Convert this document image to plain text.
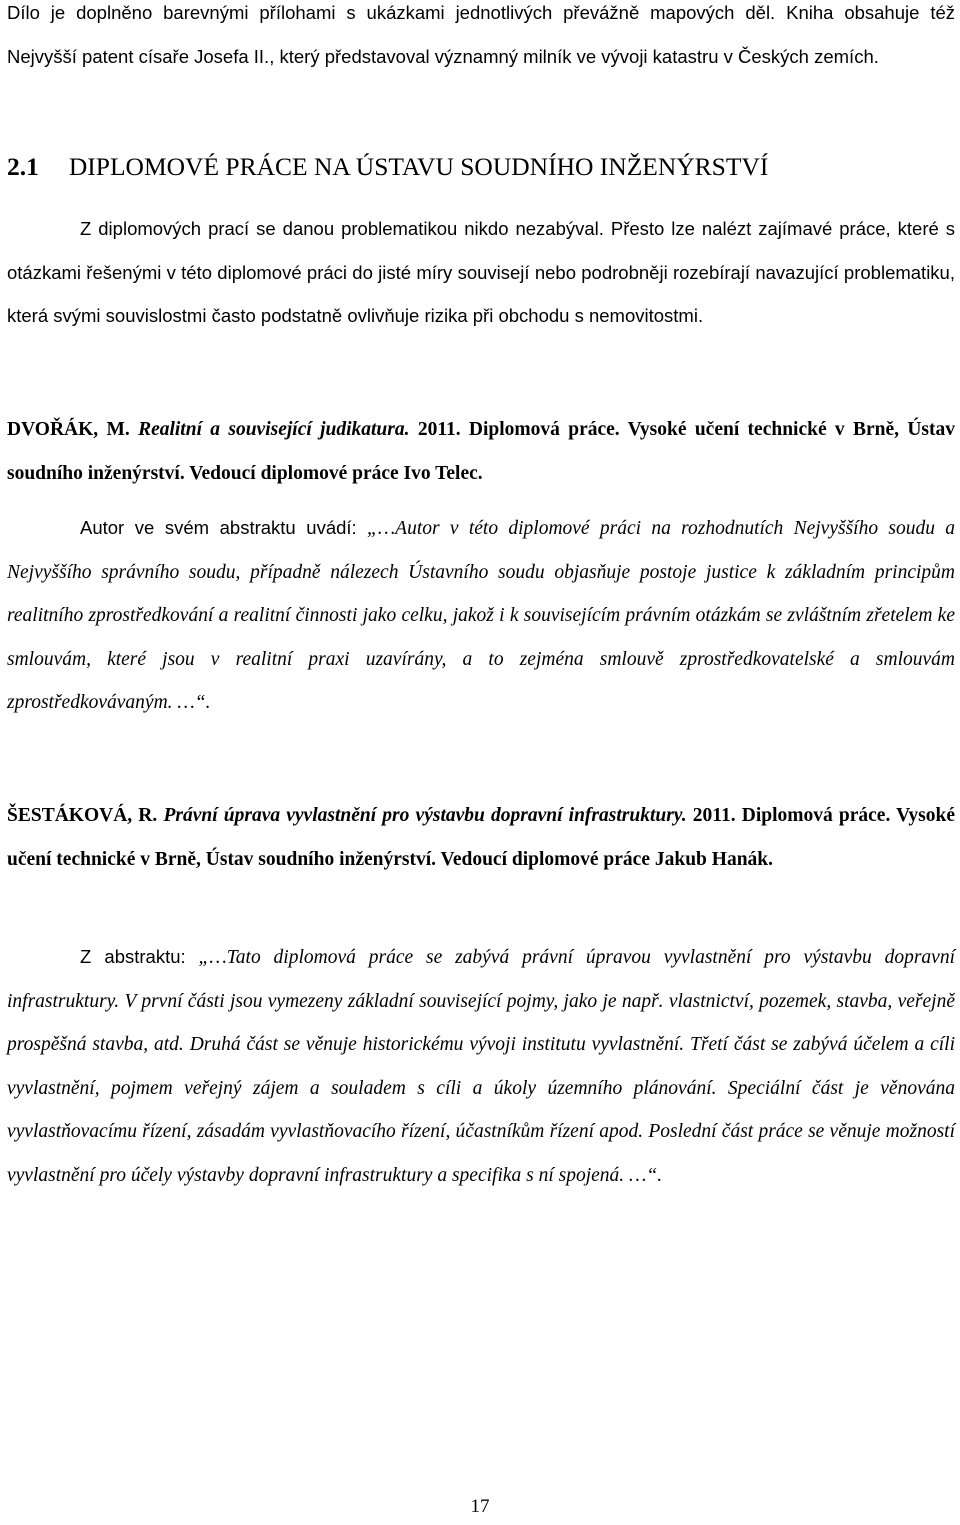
Dílo je doplněno barevnými přílohami s ukázkami jednotlivých převážně mapových děl. Kniha obsahuje též Nejvyšší patent císaře Josefa II., který představoval významný milník ve vývoji katastru v Českých zemích.
2.1 DIPLOMOVÉ PRÁCE NA ÚSTAVU SOUDNÍHO INŽENÝRSTVÍ
Z diplomových prací se danou problematikou nikdo nezabýval. Přesto lze nalézt zajímavé práce, které s otázkami řešenými v této diplomové práci do jisté míry souvisejí nebo podrobněji rozebírají navazující problematiku, která svými souvislostmi často podstatně ovlivňuje rizika při obchodu s nemovitostmi.
DVOŘÁK, M. Realitní a související judikatura. 2011. Diplomová práce. Vysoké učení technické v Brně, Ústav soudního inženýrství. Vedoucí diplomové práce Ivo Telec.
Autor ve svém abstraktu uvádí: „…Autor v této diplomové práci na rozhodnutích Nejvyššího soudu a Nejvyššího správního soudu, případně nálezech Ústavního soudu objasňuje postoje justice k základním principům realitního zprostředkování a realitní činnosti jako celku, jakož i k souvisejícím právním otázkám se zvláštním zřetelem ke smlouvám, které jsou v realitní praxi uzavírány, a to zejména smlouvě zprostředkovatelské a smlouvám zprostředkovávaným. …“.
ŠESTÁKOVÁ, R. Právní úprava vyvlastnění pro výstavbu dopravní infrastruktury. 2011. Diplomová práce. Vysoké učení technické v Brně, Ústav soudního inženýrství. Vedoucí diplomové práce Jakub Hanák.
Z abstraktu: „…Tato diplomová práce se zabývá právní úpravou vyvlastnění pro výstavbu dopravní infrastruktury. V první části jsou vymezeny základní související pojmy, jako je např. vlastnictví, pozemek, stavba, veřejně prospěšná stavba, atd. Druhá část se věnuje historickému vývoji institutu vyvlastnění. Třetí část se zabývá účelem a cíli vyvlastnění, pojmem veřejný zájem a souladem s cíli a úkoly územního plánování. Speciální část je věnována vyvlastňovacímu řízení, zásadám vyvlastňovacího řízení, účastníkům řízení apod. Poslední část práce se věnuje možností vyvlastnění pro účely výstavby dopravní infrastruktury a specifika s ní spojená. …“.
17
